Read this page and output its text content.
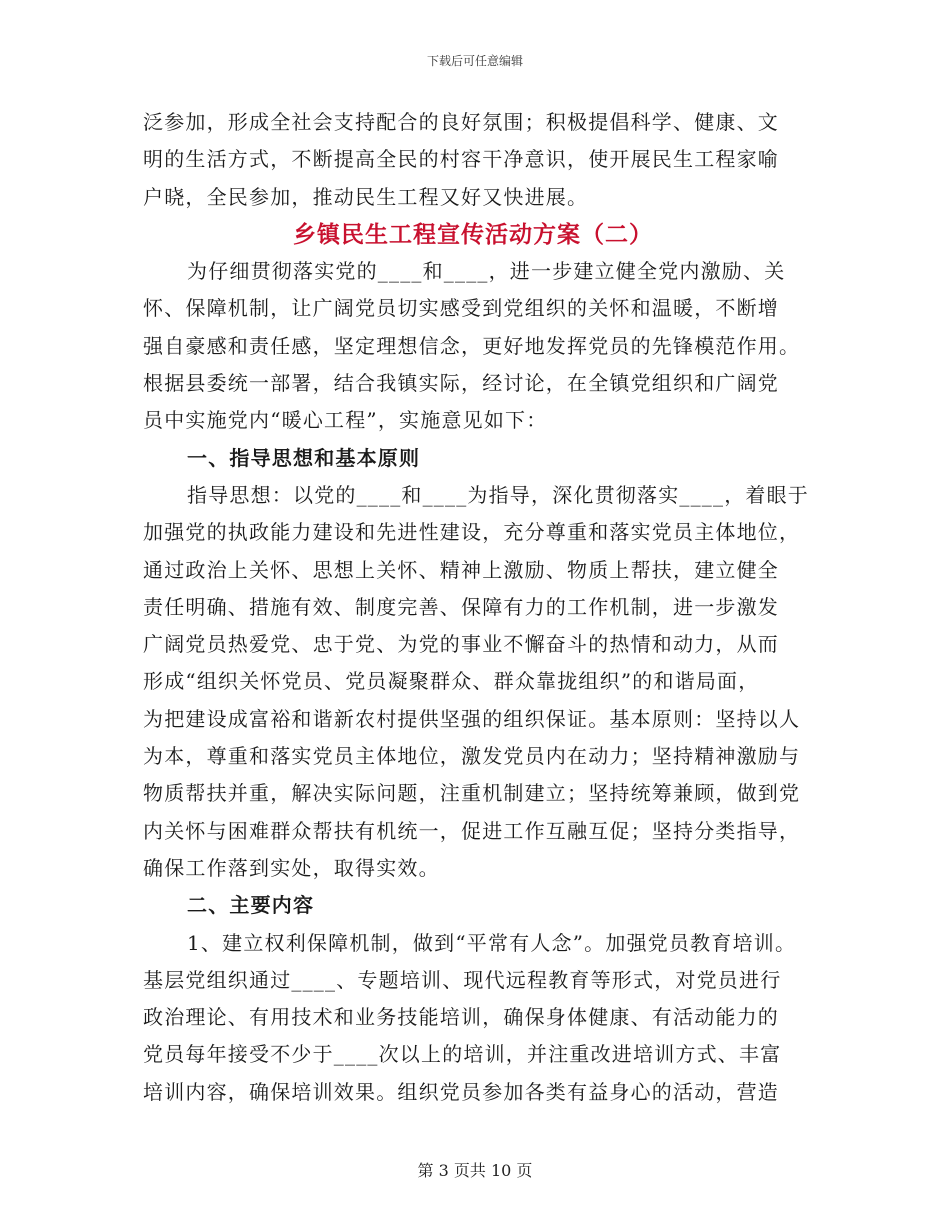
下载后可任意编辑
泛参加，形成全社会支持配合的良好氛围；积极提倡科学、健康、文
明的生活方式，不断提高全民的村容干净意识，使开展民生工程家喻
户晓，全民参加，推动民生工程又好又快进展。
乡镇民生工程宣传活动方案（二）
为仔细贯彻落实党的____和____，进一步建立健全党内激励、关
怀、保障机制，让广阔党员切实感受到党组织的关怀和温暖，不断增
强自豪感和责任感，坚定理想信念，更好地发挥党员的先锋模范作用。
根据县委统一部署，结合我镇实际，经讨论，在全镇党组织和广阔党
员中实施党内“暖心工程”，实施意见如下：
一、指导思想和基本原则
指导思想：以党的____和____为指导，深化贯彻落实____，着眼于
加强党的执政能力建设和先进性建设，充分尊重和落实党员主体地位，
通过政治上关怀、思想上关怀、精神上激励、物质上帮扶，建立健全
责任明确、措施有效、制度完善、保障有力的工作机制，进一步激发
广阔党员热爱党、忠于党、为党的事业不懈奋斗的热情和动力，从而
形成“组织关怀党员、党员凝聚群众、群众靠拢组织”的和谐局面，
为把建设成富裕和谐新农村提供坚强的组织保证。基本原则：坚持以人
为本，尊重和落实党员主体地位，激发党员内在动力；坚持精神激励与
物质帮扶并重，解决实际问题，注重机制建立；坚持统筹兼顾，做到党
内关怀与困难群众帮扶有机统一，促进工作互融互促；坚持分类指导，
确保工作落到实处，取得实效。
二、主要内容
1、建立权利保障机制，做到“平常有人念”。加强党员教育培训。
基层党组织通过____、专题培训、现代远程教育等形式，对党员进行
政治理论、有用技术和业务技能培训，确保身体健康、有活动能力的
党员每年接受不少于____次以上的培训，并注重改进培训方式、丰富
培训内容，确保培训效果。组织党员参加各类有益身心的活动，营造
第 3 页共 10 页
